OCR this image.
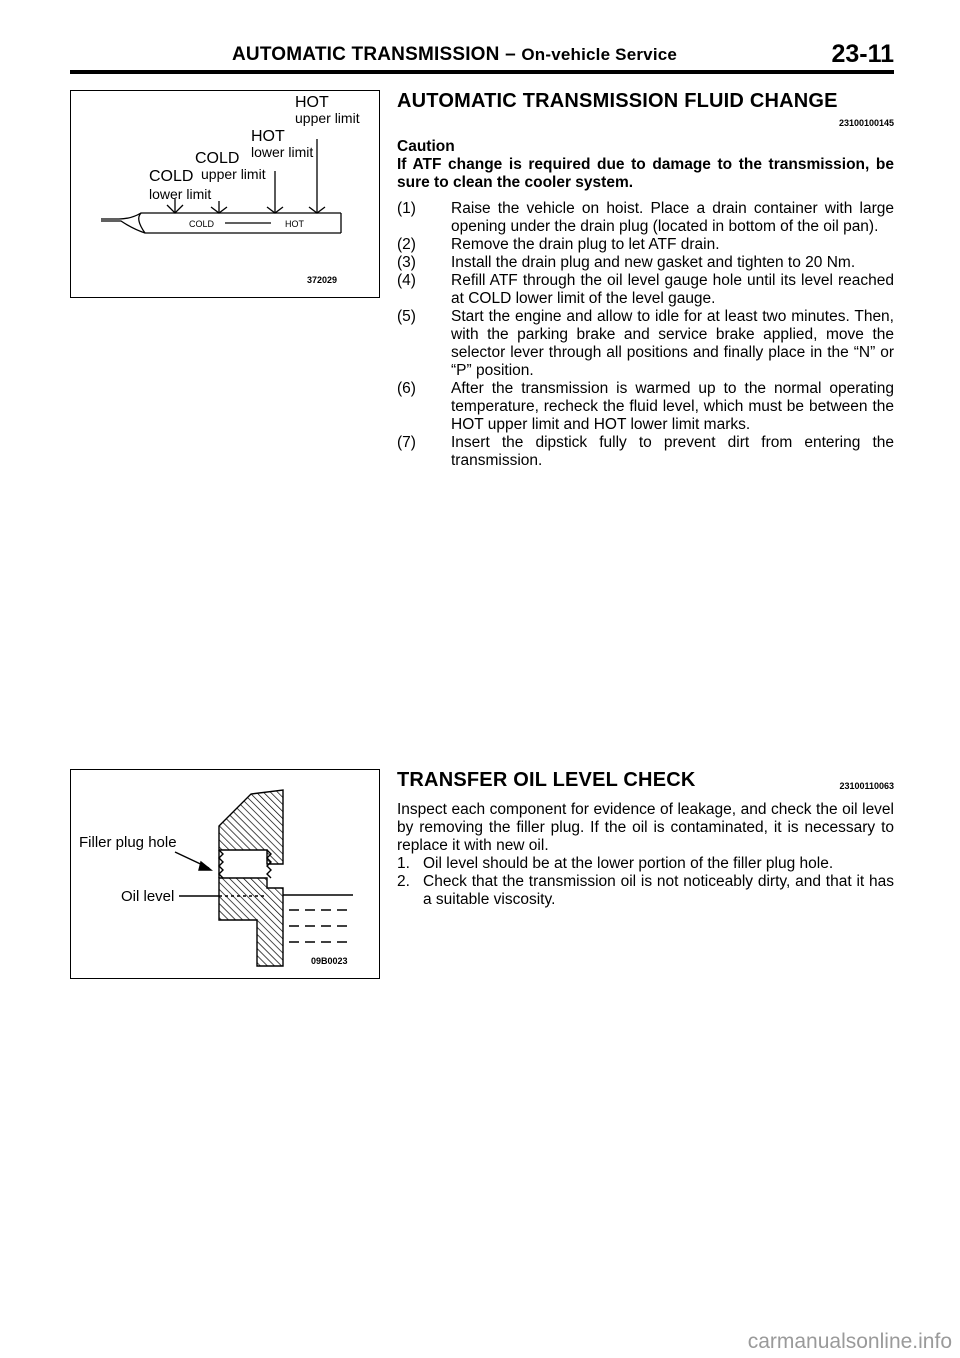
AUTOMATIC TRANSMISSION – On-vehicle Service	23-11
HOT
upper limit
HOT
lower limit
COLD
upper limit
COLD
lower limit
COLD	HOT
372029
AUTOMATIC TRANSMISSION FLUID CHANGE
23100100145
Caution
If ATF change is required due to damage to the transmission, be sure to clean the cooler system.
(1) Raise the vehicle on hoist. Place a drain container with large opening under the drain plug (located in bottom of the oil pan).
(2) Remove the drain plug to let ATF drain.
(3) Install the drain plug and new gasket and tighten to 20 Nm.
(4) Refill ATF through the oil level gauge hole until its level reached at COLD lower limit of the level gauge.
(5) Start the engine and allow to idle for at least two minutes. Then, with the parking brake and service brake applied, move the selector lever through all positions and finally place in the “N” or “P” position.
(6) After the transmission is warmed up to the normal operating temperature, recheck the fluid level, which must be between the HOT upper limit and HOT lower limit marks.
(7) Insert the dipstick fully to prevent dirt from entering the transmission.
Filler plug hole
Oil level
09B0023
TRANSFER OIL LEVEL CHECK	23100110063

Inspect each component for evidence of leakage, and check the oil level by removing the filler plug. If the oil is contaminated, it is necessary to replace it with new oil.

1. Oil level should be at the lower portion of the filler plug hole.
2. Check that the transmission oil is not noticeably dirty, and that it has a suitable viscosity.
carmanualsonline.info
